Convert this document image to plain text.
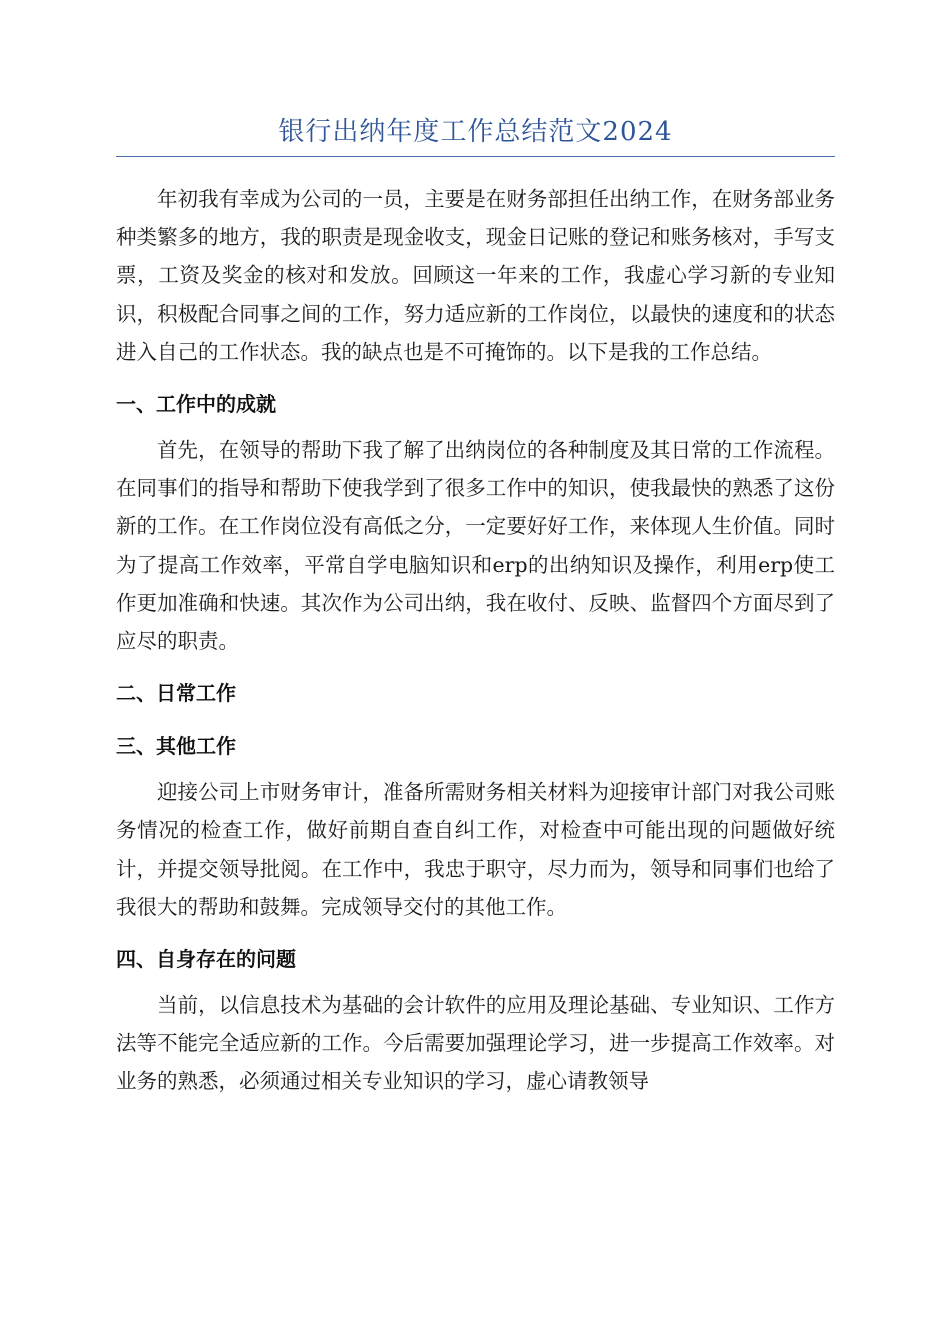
银行出纳年度工作总结范文2024

年初我有幸成为公司的一员，主要是在财务部担任出纳工作，在财务部业务种类繁多的地方，我的职责是现金收支，现金日记账的登记和账务核对，手写支票，工资及奖金的核对和发放。回顾这一年来的工作，我虚心学习新的专业知识，积极配合同事之间的工作，努力适应新的工作岗位，以最快的速度和的状态进入自己的工作状态。我的缺点也是不可掩饰的。以下是我的工作总结。

一、工作中的成就

首先，在领导的帮助下我了解了出纳岗位的各种制度及其日常的工作流程。在同事们的指导和帮助下使我学到了很多工作中的知识，使我最快的熟悉了这份新的工作。在工作岗位没有高低之分，一定要好好工作，来体现人生价值。同时为了提高工作效率，平常自学电脑知识和erp的出纳知识及操作，利用erp使工作更加准确和快速。其次作为公司出纳，我在收付、反映、监督四个方面尽到了应尽的职责。

二、日常工作
三、其他工作

迎接公司上市财务审计，准备所需财务相关材料为迎接审计部门对我公司账务情况的检查工作，做好前期自查自纠工作，对检查中可能出现的问题做好统计，并提交领导批阅。在工作中，我忠于职守，尽力而为，领导和同事们也给了我很大的帮助和鼓舞。完成领导交付的其他工作。

四、自身存在的问题

当前，以信息技术为基础的会计软件的应用及理论基础、专业知识、工作方法等不能完全适应新的工作。今后需要加强理论学习，进一步提高工作效率。对业务的熟悉，必须通过相关专业知识的学习，虚心请教领导
